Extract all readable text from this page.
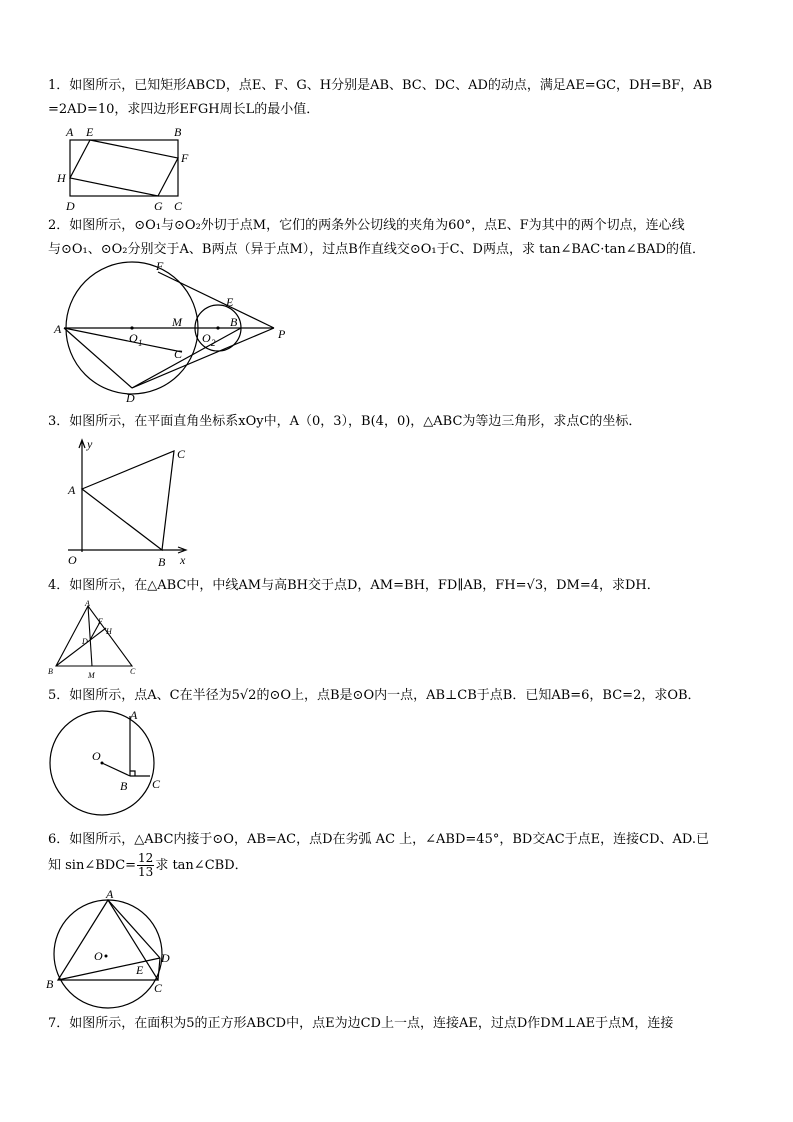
1．如图所示，已知矩形ABCD，点E、F、G、H分别是AB、BC、DC、AD的动点，满足AE=GC，DH=BF，AB
=2AD=10，求四边形EFGH周长L的最小值．
A E	B
F
H
D	G C
2．如图所示，⊙O₁与⊙O₂外切于点M，它们的两条外公切线的夹角为60°，点E、F为其中的两个切点，连心线
与⊙O₁、⊙O₂分别交于A、B两点（异于点M），过点B作直线交⊙O₁于C、D两点，求 tan∠BAC·tan∠BAD的值．
F
E
A
O 1
M
O 2
B
P
C
D
3．如图所示，在平面直角坐标系xOy中，A（0，3），B(4，0)，△ABC为等边三角形，求点C的坐标．
y
C
A
O	B x
4．如图所示，在△ABC中，中线AM与高BH交于点D，AM=BH，FD∥AB，FH=√3，DM=4，求DH．
A
F
H
D
B	M	C
5．如图所示，点A、C在半径为5√2的⊙O上，点B是⊙O内一点，AB⊥CB于点B．已知AB=6，BC=2，求OB．
A
O
B C
6．如图所示，△ABC内接于⊙O，AB=AC，点D在劣弧 AC 上，∠ABD=45°，BD交AC于点E，连接CD、AD.已
知 sin∠BDC= $\frac{12}{13}$ 求 tan∠CBD．
A
O	D
E
B	C
7．如图所示，在面积为5的正方形ABCD中，点E为边CD上一点，连接AE，过点D作DM⊥AE于点M，连接
